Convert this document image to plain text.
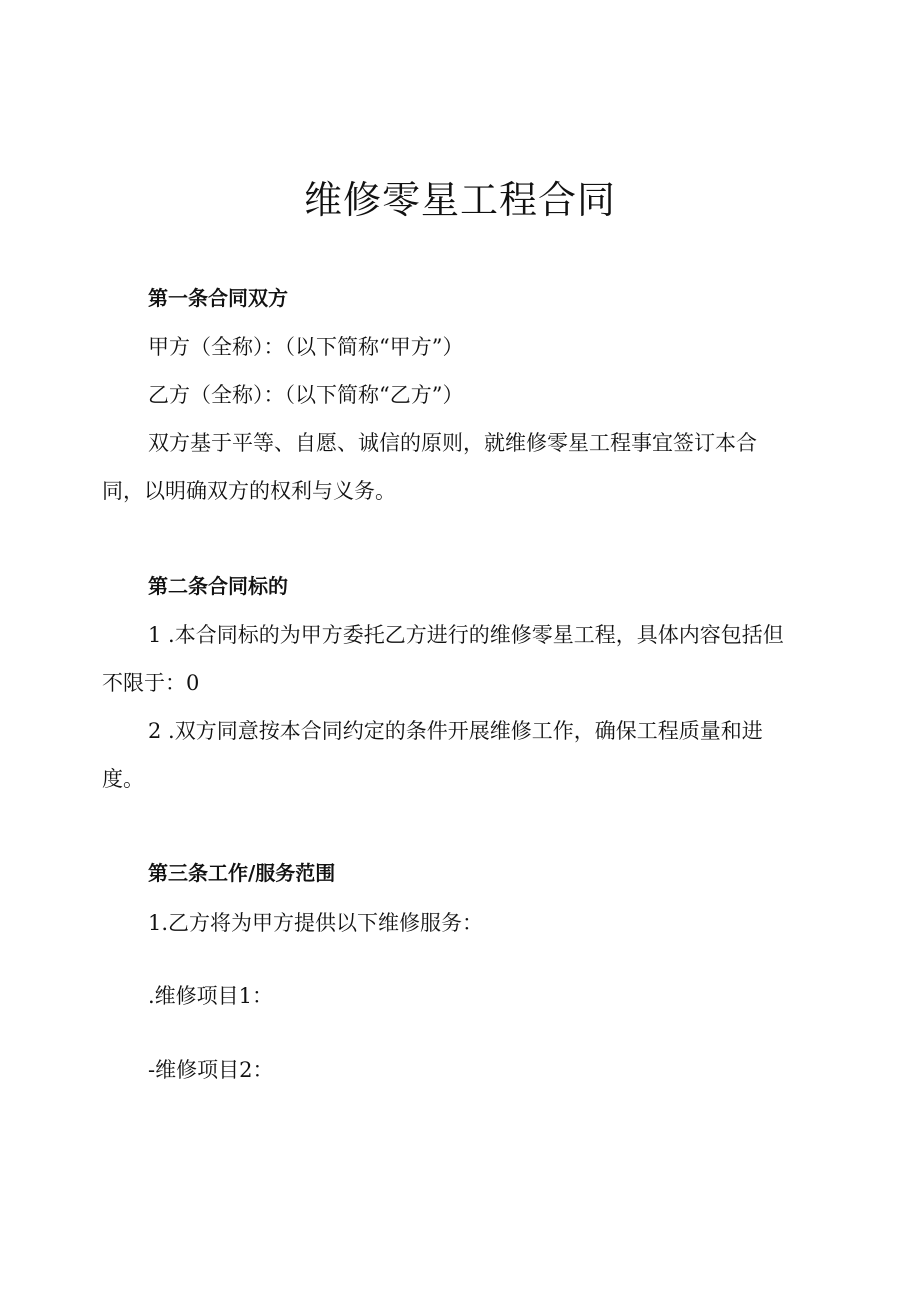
维修零星工程合同
第一条合同双方
甲方（全称）：（以下简称“甲方”）
乙方（全称）：（以下简称“乙方”）
双方基于平等、自愿、诚信的原则，就维修零星工程事宜签订本合
同，以明确双方的权利与义务。
第二条合同标的
1 .本合同标的为甲方委托乙方进行的维修零星工程，具体内容包括但
不限于：0
2 .双方同意按本合同约定的条件开展维修工作，确保工程质量和进
度。
第三条工作/服务范围
1.乙方将为甲方提供以下维修服务：
.维修项目1：
-维修项目2：
